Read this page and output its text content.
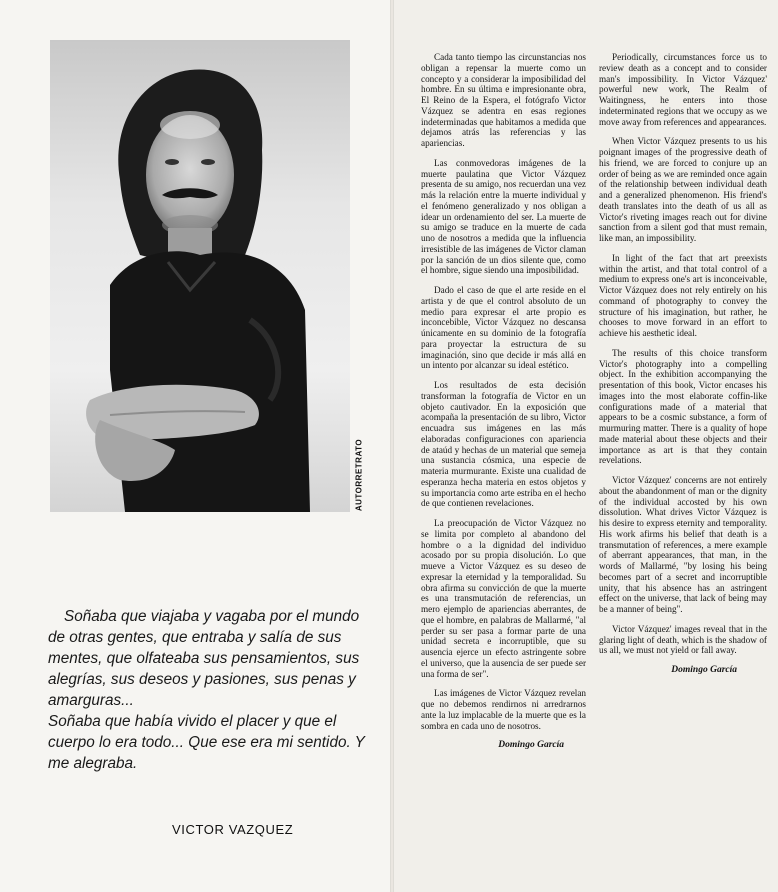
AUTORRETRATO

Soñaba que viajaba y vagaba por el mundo de otras gentes, que entraba y salía de sus mentes, que olfateaba sus pensamientos, sus alegrías, sus deseos y pasiones, sus penas y amarguras...

Soñaba que había vivido el placer y que el cuerpo lo era todo... Que ese era mi sentido. Y me alegraba.

VICTOR VAZQUEZ

Cada tanto tiempo las circunstancias nos obligan a repensar la muerte como un concepto y a considerar la imposibilidad del hombre. En su última e impresionante obra, El Reino de la Espera, el fotógrafo Victor Vázquez se adentra en esas regiones indeterminadas que habitamos a medida que dejamos atrás las referencias y las apariencias.

Las conmovedoras imágenes de la muerte paulatina que Victor Vázquez presenta de su amigo, nos recuerdan una vez más la relación entre la muerte individual y el fenómeno generalizado y nos obligan a idear un ordenamiento del ser. La muerte de su amigo se traduce en la muerte de cada uno de nosotros a medida que la influencia irresistible de las imágenes de Victor claman por la sanción de un dios silente que, como el hombre, sigue siendo una imposibilidad.

Dado el caso de que el arte reside en el artista y de que el control absoluto de un medio para expresar el arte propio es inconcebible, Victor Vázquez no descansa únicamente en su dominio de la fotografía para proyectar la estructura de su imaginación, sino que decide ir más allá en un intento por alcanzar su ideal estético.

Los resultados de esta decisión transforman la fotografía de Victor en un objeto cautivador. En la exposición que acompaña la presentación de su libro, Victor encuadra sus imágenes en las más elaboradas configuraciones con apariencia de ataúd y hechas de un material que semeja una sustancia cósmica, una especie de materia murmurante. Existe una cualidad de esperanza hecha materia en estos objetos y su importancia como arte estriba en el hecho de que contienen revelaciones.

La preocupación de Victor Vázquez no se limita por completo al abandono del hombre o a la dignidad del individuo acosado por su propia disolución. Lo que mueve a Victor Vázquez es su deseo de expresar la eternidad y la temporalidad. Su obra afirma su convicción de que la muerte es una transmutación de referencias, un mero ejemplo de apariencias aberrantes, de que el hombre, en palabras de Mallarmé, "al perder su ser pasa a formar parte de una unidad secreta e incorruptible, que su ausencia ejerce un efecto astringente sobre el universo, que la ausencia de ser puede ser una forma de ser".

Las imágenes de Victor Vázquez revelan que no debemos rendirnos ni arredrarnos ante la luz implacable de la muerte que es la sombra en cada uno de nosotros.

Domingo García

Periodically, circumstances force us to review death as a concept and to consider man's impossibility. In Victor Vázquez' powerful new work, The Realm of Waitingness, he enters into those indeterminated regions that we occupy as we move away from references and appearances.

When Victor Vázquez presents to us his poignant images of the progressive death of his friend, we are forced to conjure up an order of being as we are reminded once again of the relationship between individual death and a generalized phenomenon. His friend's death translates into the death of us all as Victor's riveting images reach out for divine sanction from a silent god that must remain, like man, an impossibility.

In light of the fact that art preexists within the artist, and that total control of a medium to express one's art is inconceivable, Victor Vázquez does not rely entirely on his command of photography to convey the structure of his imagination, but rather, he chooses to move forward in an effort to achieve his aesthetic ideal.

The results of this choice transform Victor's photography into a compelling object. In the exhibition accompanying the presentation of this book, Victor encases his images into the most elaborate coffin-like configurations made of a material that appears to be a cosmic substance, a form of murmuring matter. There is a quality of hope made material about these objects and their importance as art is that they contain revelations.

Victor Vázquez' concerns are not entirely about the abandonment of man or the dignity of the individual accosted by his own dissolution. What drives Victor Vázquez is his desire to express eternity and temporality. His work afirms his belief that death is a transmutation of references, a mere example of aberrant appearances, that man, in the words of Mallarmé, "by losing his being becomes part of a secret and incorruptible unity, that his absence has an astringent effect on the universe, that lack of being may be a manner of being".

Victor Vázquez' images reveal that in the glaring light of death, which is the shadow of us all, we must not yield or fall away.

Domingo García
